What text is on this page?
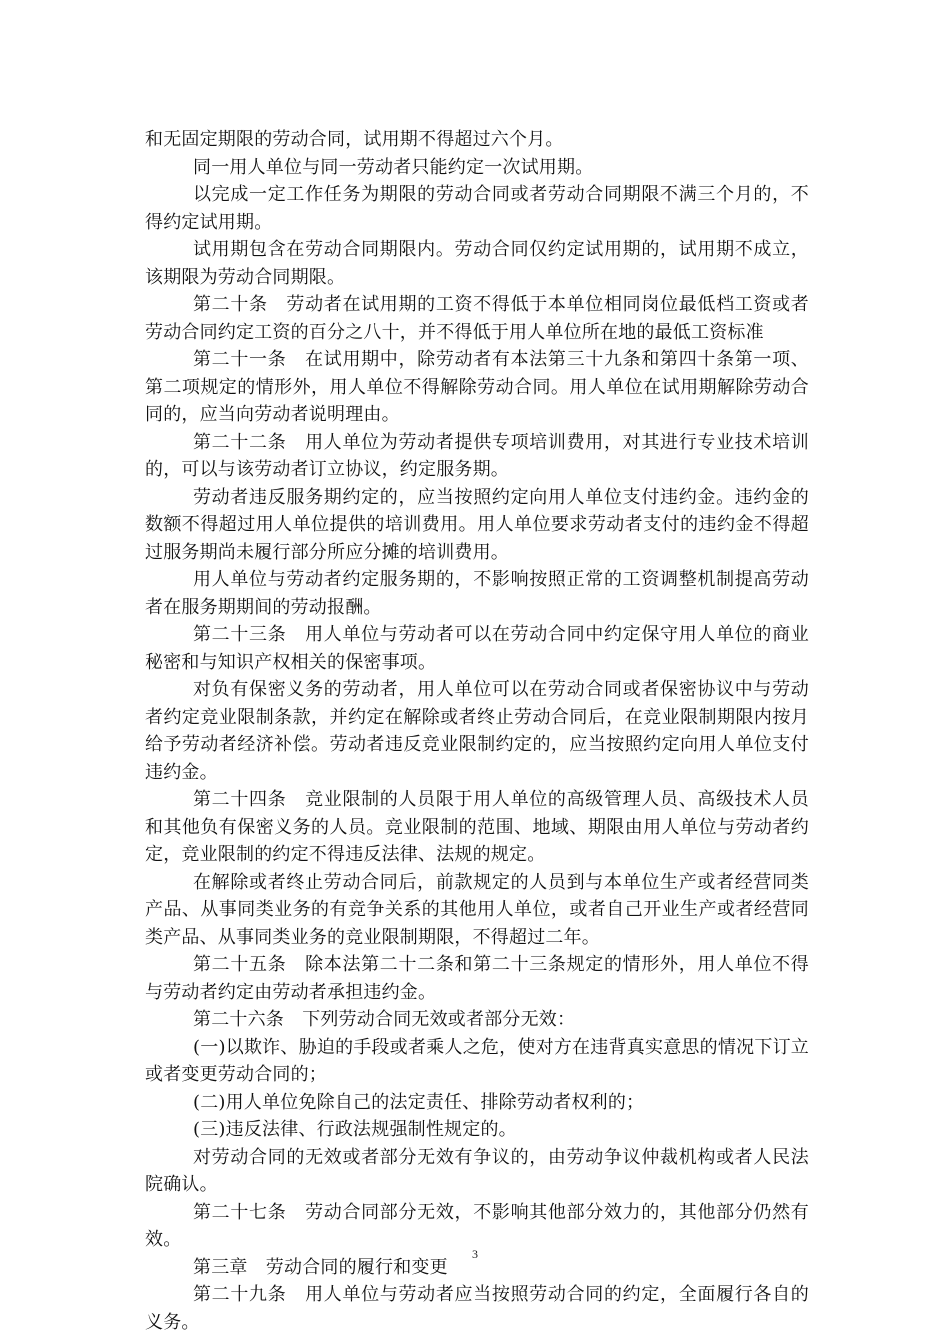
和无固定期限的劳动合同，试用期不得超过六个月。

同一用人单位与同一劳动者只能约定一次试用期。

以完成一定工作任务为期限的劳动合同或者劳动合同期限不满三个月的，不得约定试用期。

试用期包含在劳动合同期限内。劳动合同仅约定试用期的，试用期不成立，该期限为劳动合同期限。

第二十条　劳动者在试用期的工资不得低于本单位相同岗位最低档工资或者劳动合同约定工资的百分之八十，并不得低于用人单位所在地的最低工资标准

第二十一条　在试用期中，除劳动者有本法第三十九条和第四十条第一项、第二项规定的情形外，用人单位不得解除劳动合同。用人单位在试用期解除劳动合同的，应当向劳动者说明理由。

第二十二条　用人单位为劳动者提供专项培训费用，对其进行专业技术培训的，可以与该劳动者订立协议，约定服务期。

劳动者违反服务期约定的，应当按照约定向用人单位支付违约金。违约金的数额不得超过用人单位提供的培训费用。用人单位要求劳动者支付的违约金不得超过服务期尚未履行部分所应分摊的培训费用。

用人单位与劳动者约定服务期的，不影响按照正常的工资调整机制提高劳动者在服务期期间的劳动报酬。

第二十三条　用人单位与劳动者可以在劳动合同中约定保守用人单位的商业秘密和与知识产权相关的保密事项。

对负有保密义务的劳动者，用人单位可以在劳动合同或者保密协议中与劳动者约定竞业限制条款，并约定在解除或者终止劳动合同后，在竞业限制期限内按月给予劳动者经济补偿。劳动者违反竞业限制约定的，应当按照约定向用人单位支付违约金。

第二十四条　竞业限制的人员限于用人单位的高级管理人员、高级技术人员和其他负有保密义务的人员。竞业限制的范围、地域、期限由用人单位与劳动者约定，竞业限制的约定不得违反法律、法规的规定。

在解除或者终止劳动合同后，前款规定的人员到与本单位生产或者经营同类产品、从事同类业务的有竞争关系的其他用人单位，或者自己开业生产或者经营同类产品、从事同类业务的竞业限制期限，不得超过二年。

第二十五条　除本法第二十二条和第二十三条规定的情形外，用人单位不得与劳动者约定由劳动者承担违约金。

第二十六条　下列劳动合同无效或者部分无效：

(一)以欺诈、胁迫的手段或者乘人之危，使对方在违背真实意思的情况下订立或者变更劳动合同的；

(二)用人单位免除自己的法定责任、排除劳动者权利的；

(三)违反法律、行政法规强制性规定的。

对劳动合同的无效或者部分无效有争议的，由劳动争议仲裁机构或者人民法院确认。

第二十七条　劳动合同部分无效，不影响其他部分效力的，其他部分仍然有效。

第三章　劳动合同的履行和变更

第二十九条　用人单位与劳动者应当按照劳动合同的约定，全面履行各自的义务。

3
